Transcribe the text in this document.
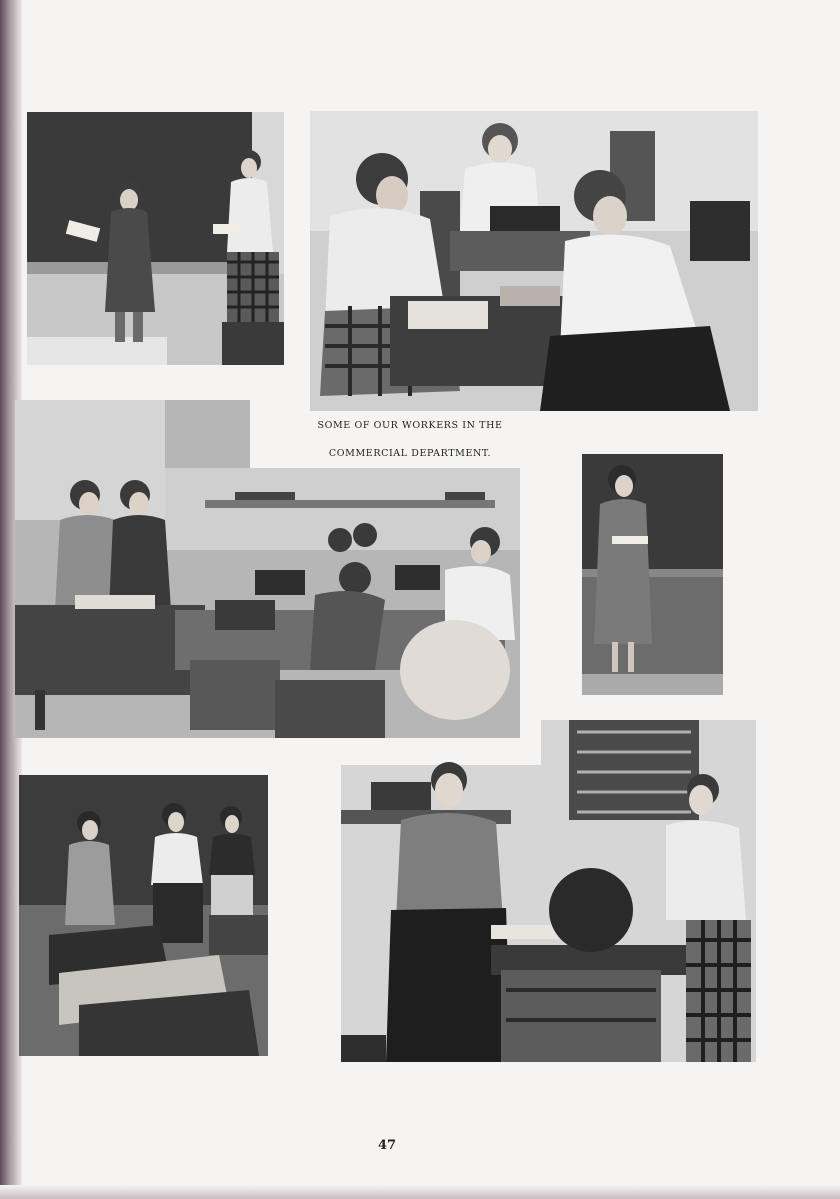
SOME OF OUR WORKERS IN THE
COMMERCIAL DEPARTMENT.
47
